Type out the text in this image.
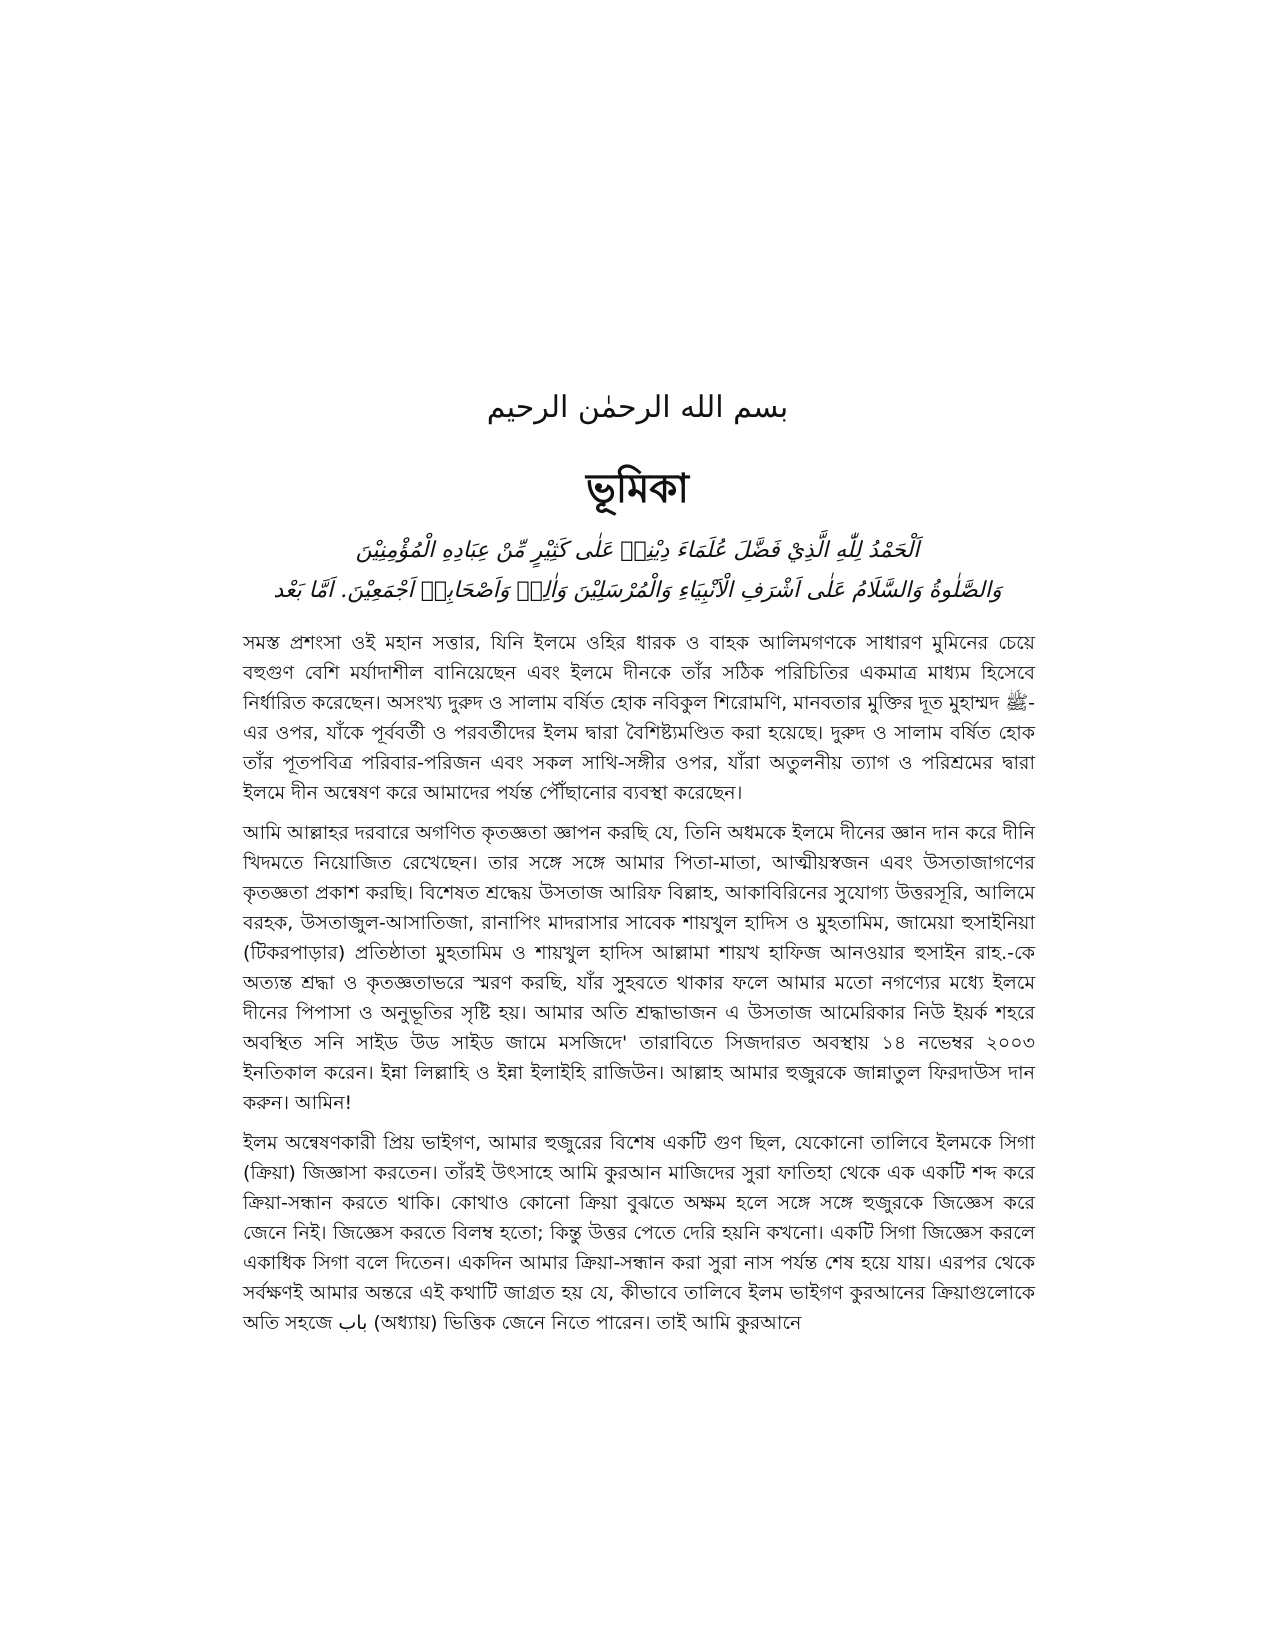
بسم الله الرحمٰن الرحيم
ভূমিকা
اَلْحَمْدُ لِلّٰهِ الَّذِيْ فَضَّلَ عُلَمَاءَ دِيْنِهٖ عَلٰى كَثِيْرٍ مِّنْ عِبَادِهِ الْمُؤْمِنِيْنَ
وَالصَّلٰوةُ وَالسَّلَامُ عَلٰى اَشْرَفِ الْاَنْبِيَاءِ وَالْمُرْسَلِيْنَ وَاٰلِهٖ وَاَصْحَابِهٖ اَجْمَعِيْنَ. اَمَّا بَعْد

সমস্ত প্রশংসা ওই মহান সত্তার, যিনি ইলমে ওহির ধারক ও বাহক আলিমগণকে সাধারণ মুমিনের চেয়ে বহুগুণ বেশি মর্যাদাশীল বানিয়েছেন এবং ইলমে দীনকে তাঁর সঠিক পরিচিতির একমাত্র মাধ্যম হিসেবে নির্ধারিত করেছেন। অসংখ্য দুরুদ ও সালাম বর্ষিত হোক নবিকুল শিরোমণি, মানবতার মুক্তির দূত মুহাম্মদ ﷺ-এর ওপর, যাঁকে পূর্ববর্তী ও পরবর্তীদের ইলম দ্বারা বৈশিষ্ট্যমণ্ডিত করা হয়েছে। দুরুদ ও সালাম বর্ষিত হোক তাঁর পূতপবিত্র পরিবার-পরিজন এবং সকল সাথি-সঙ্গীর ওপর, যাঁরা অতুলনীয় ত্যাগ ও পরিশ্রমের দ্বারা ইলমে দীন অন্বেষণ করে আমাদের পর্যন্ত পৌঁছানোর ব্যবস্থা করেছেন।

আমি আল্লাহর দরবারে অগণিত কৃতজ্ঞতা জ্ঞাপন করছি যে, তিনি অধমকে ইলমে দীনের জ্ঞান দান করে দীনি খিদমতে নিয়োজিত রেখেছেন। তার সঙ্গে সঙ্গে আমার পিতা-মাতা, আত্মীয়স্বজন এবং উসতাজাগণের কৃতজ্ঞতা প্রকাশ করছি। বিশেষত শ্রদ্ধেয় উসতাজ আরিফ বিল্লাহ, আকাবিরিনের সুযোগ্য উত্তরসূরি, আলিমে বরহক, উসতাজুল-আসাতিজা, রানাপিং মাদরাসার সাবেক শায়খুল হাদিস ও মুহতামিম, জামেয়া হুসাইনিয়া (টিকরপাড়ার) প্রতিষ্ঠাতা মুহতামিম ও শায়খুল হাদিস আল্লামা শায়খ হাফিজ আনওয়ার হুসাইন রাহ.-কে অত্যন্ত শ্রদ্ধা ও কৃতজ্ঞতাভরে স্মরণ করছি, যাঁর সুহবতে থাকার ফলে আমার মতো নগণ্যের মধ্যে ইলমে দীনের পিপাসা ও অনুভূতির সৃষ্টি হয়। আমার অতি শ্রদ্ধাভাজন এ উসতাজ আমেরিকার নিউ ইয়র্ক শহরে অবস্থিত সনি সাইড উড সাইড জামে মসজিদে' তারাবিতে সিজদারত অবস্থায় ১৪ নভেম্বর ২০০৩ ইনতিকাল করেন। ইন্না লিল্লাহি ও ইন্না ইলাইহি রাজিউন। আল্লাহ আমার হুজুরকে জান্নাতুল ফিরদাউস দান করুন। আমিন!

ইলম অন্বেষণকারী প্রিয় ভাইগণ, আমার হুজুরের বিশেষ একটি গুণ ছিল, যেকোনো তালিবে ইলমকে সিগা (ক্রিয়া) জিজ্ঞাসা করতেন। তাঁরই উৎসাহে আমি কুরআন মাজিদের সুরা ফাতিহা থেকে এক একটি শব্দ করে ক্রিয়া-সন্ধান করতে থাকি। কোথাও কোনো ক্রিয়া বুঝতে অক্ষম হলে সঙ্গে সঙ্গে হুজুরকে জিজ্ঞেস করে জেনে নিই। জিজ্ঞেস করতে বিলম্ব হতো; কিন্তু উত্তর পেতে দেরি হয়নি কখনো। একটি সিগা জিজ্ঞেস করলে একাধিক সিগা বলে দিতেন। একদিন আমার ক্রিয়া-সন্ধান করা সুরা নাস পর্যন্ত শেষ হয়ে যায়। এরপর থেকে সর্বক্ষণই আমার অন্তরে এই কথাটি জাগ্রত হয় যে, কীভাবে তালিবে ইলম ভাইগণ কুরআনের ক্রিয়াগুলোকে অতি সহজে باب (অধ্যায়) ভিত্তিক জেনে নিতে পারেন। তাই আমি কুরআনে
